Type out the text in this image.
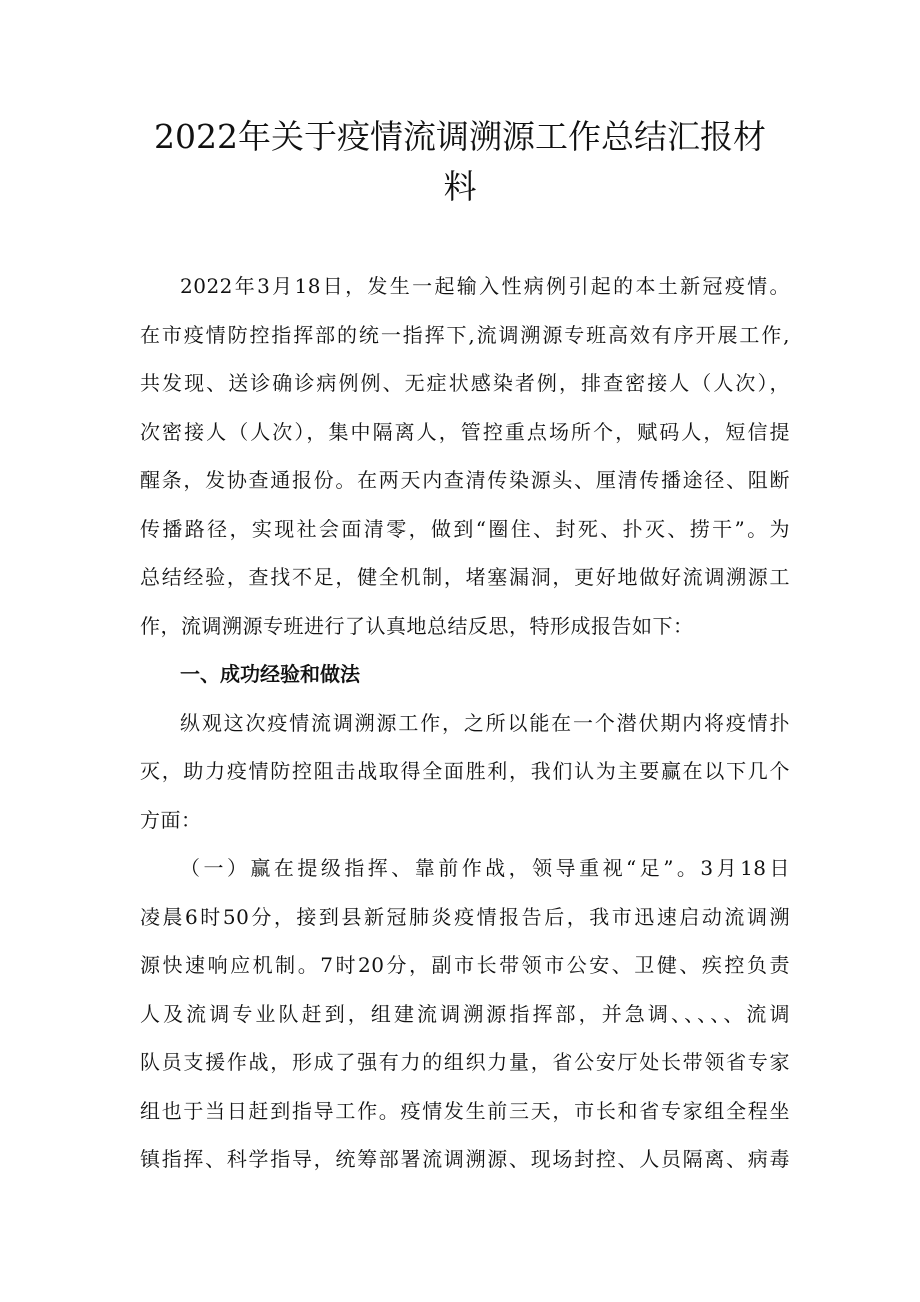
2022年关于疫情流调溯源工作总结汇报材
料
2022年3月18日，发生一起输入性病例引起的本土新冠疫情。
在市疫情防控指挥部的统一指挥下,流调溯源专班高效有序开展工作,
共发现、送诊确诊病例例、无症状感染者例，排查密接人（人次），
次密接人（人次），集中隔离人，管控重点场所个，赋码人，短信提
醒条，发协查通报份。在两天内查清传染源头、厘清传播途径、阻断
传播路径，实现社会面清零，做到“圈住、封死、扑灭、捞干”。为
总结经验，查找不足，健全机制，堵塞漏洞，更好地做好流调溯源工
作，流调溯源专班进行了认真地总结反思，特形成报告如下：
一、成功经验和做法
纵观这次疫情流调溯源工作，之所以能在一个潜伏期内将疫情扑
灭，助力疫情防控阻击战取得全面胜利，我们认为主要赢在以下几个
方面：
（一）赢在提级指挥、靠前作战，领导重视“足”。3月18日
凌晨6时50分，接到县新冠肺炎疫情报告后，我市迅速启动流调溯
源快速响应机制。7时20分，副市长带领市公安、卫健、疾控负责
人及流调专业队赶到，组建流调溯源指挥部，并急调、、、、、流调
队员支援作战，形成了强有力的组织力量，省公安厅处长带领省专家
组也于当日赶到指导工作。疫情发生前三天，市长和省专家组全程坐
镇指挥、科学指导，统筹部署流调溯源、现场封控、人员隔离、病毒
